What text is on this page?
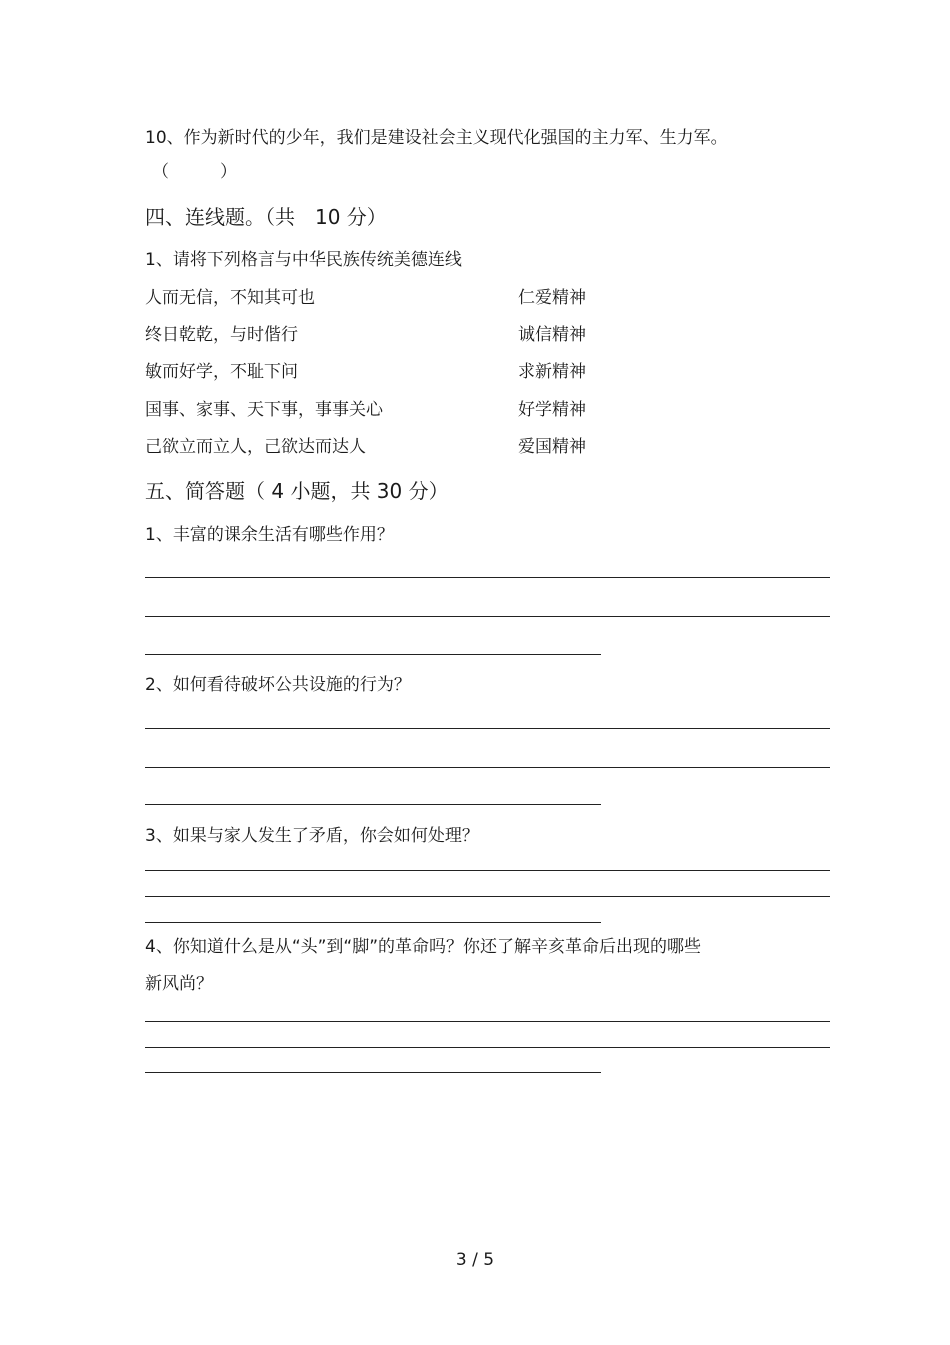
10、作为新时代的少年，我们是建设社会主义现代化强国的主力军、生力军。
（　　　）
四、连线题。（共　10 分）
1、请将下列格言与中华民族传统美德连线
人而无信，不知其可也	仁爱精神
终日乾乾，与时偕行	诚信精神
敏而好学，不耻下问	求新精神
国事、家事、天下事，事事关心	好学精神
己欲立而立人，己欲达而达人	爱国精神
五、简答题（ 4 小题，共 30 分）
1、丰富的课余生活有哪些作用？
2、如何看待破坏公共设施的行为？
3、如果与家人发生了矛盾，你会如何处理？
4、你知道什么是从“头”到“脚”的革命吗？你还了解辛亥革命后出现的哪些
新风尚？
3 / 5
